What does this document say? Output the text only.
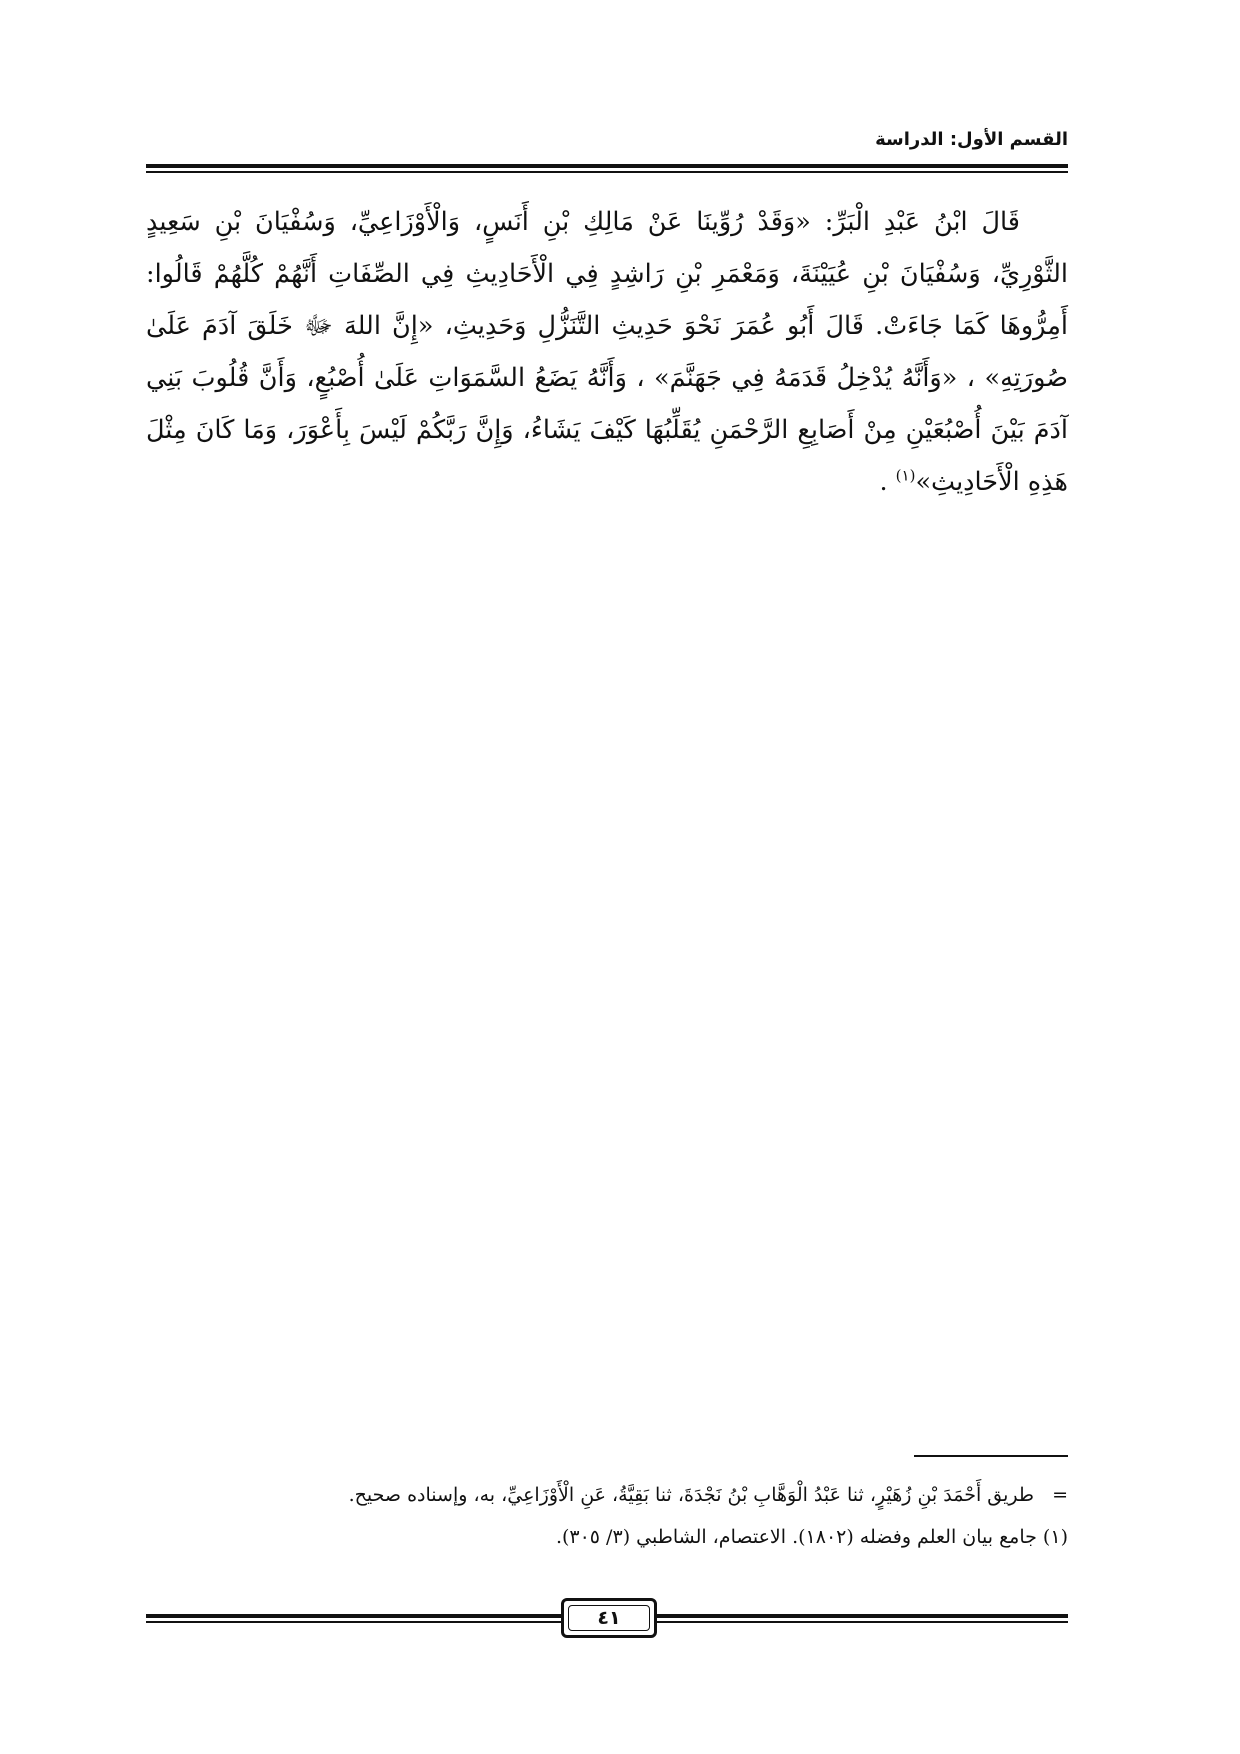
القسم الأول: الدراسة
قَالَ ابْنُ عَبْدِ الْبَرِّ: «وَقَدْ رُوِّينَا عَنْ مَالِكِ بْنِ أَنَسٍ، وَالْأَوْزَاعِيِّ، وَسُفْيَانَ بْنِ سَعِيدٍ الثَّوْرِيِّ، وَسُفْيَانَ بْنِ عُيَيْنَةَ، وَمَعْمَرِ بْنِ رَاشِدٍ فِي الْأَحَادِيثِ فِي الصِّفَاتِ أَنَّهُمْ كُلَّهُمْ قَالُوا: أَمِرُّوهَا كَمَا جَاءَتْ. قَالَ أَبُو عُمَرَ نَحْوَ حَدِيثِ التَّنَزُّلِ وَحَدِيثِ، «إِنَّ اللهَ ﷻ خَلَقَ آدَمَ عَلَىٰ صُورَتِهِ» ، «وَأَنَّهُ يُدْخِلُ قَدَمَهُ فِي جَهَنَّمَ» ، وَأَنَّهُ يَضَعُ السَّمَوَاتِ عَلَىٰ أُصْبُعٍ، وَأَنَّ قُلُوبَ بَنِي آدَمَ بَيْنَ أُصْبُعَيْنِ مِنْ أَصَابِعِ الرَّحْمَنِ يُقَلِّبُهَا كَيْفَ يَشَاءُ، وَإِنَّ رَبَّكُمْ لَيْسَ بِأَعْوَرَ، وَمَا كَانَ مِثْلَ هَذِهِ الْأَحَادِيثِ»$^{(١)}$ .
=طريق أَحْمَدَ بْنِ زُهَيْرٍ، ثنا عَبْدُ الْوَهَّابِ بْنُ نَجْدَةَ، ثنا بَقِيَّةُ، عَنِ الْأَوْزَاعِيِّ، به، وإسناده صحيح.
(١) جامع بيان العلم وفضله (١٨٠٢). الاعتصام، الشاطبي (٣/ ٣٠٥).
٤١
